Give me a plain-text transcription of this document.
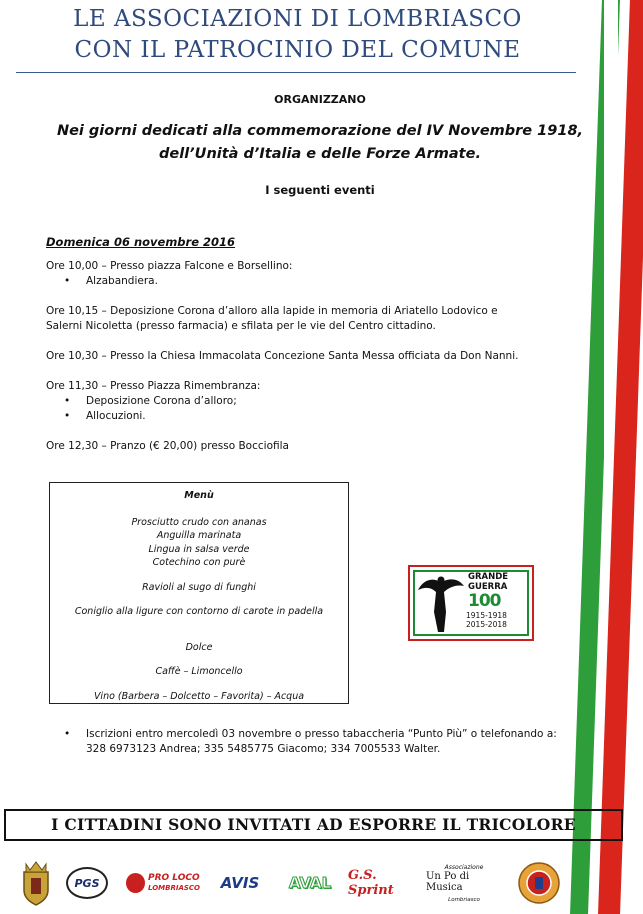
LE ASSOCIAZIONI DI LOMBRIASCO
CON IL PATROCINIO DEL COMUNE
ORGANIZZANO
Nei giorni dedicati alla commemorazione del IV Novembre 1918,
dell’Unità d’Italia e delle Forze Armate.
I seguenti eventi
Domenica 06 novembre 2016
Ore 10,00 – Presso piazza Falcone e Borsellino:
• Alzabandiera.
Ore 10,15 – Deposizione Corona d’alloro alla lapide in memoria di Ariatello Lodovico e

Salerni Nicoletta (presso farmacia) e sfilata per le vie del Centro cittadino.

Ore 10,30 – Presso la Chiesa Immacolata Concezione Santa Messa officiata da Don Nanni.

Ore 11,30 – Presso Piazza Rimembranza:
• Deposizione Corona d’alloro;
• Allocuzioni.

Ore 12,30 – Pranzo (€ 20,00) presso Bocciofila

Menù
Prosciutto crudo con ananas
Anguilla marinata
Lingua in salsa verde
Cotechino con purè
Ravioli al sugo di funghi
Coniglio alla ligure con contorno di carote in padella
Dolce
Caffè – Limoncello
Vino (Barbera – Dolcetto – Favorita) – Acqua
GRANDE
GUERRA
100
1915-1918
2015-2018
• Iscrizioni entro mercoledì 03 novembre o presso tabaccheria “Punto Più” o telefonando a:
328 6973123 Andrea; 335 5485775 Giacomo; 334 7005533 Walter.
I CITTADINI SONO INVITATI AD ESPORRE IL TRICOLORE
PGS	PRO LOCO
LOMBRIASCO	AVIS	AVAL G.S. Sprint
Associazione
Un Po di Musica
Lombriasco
